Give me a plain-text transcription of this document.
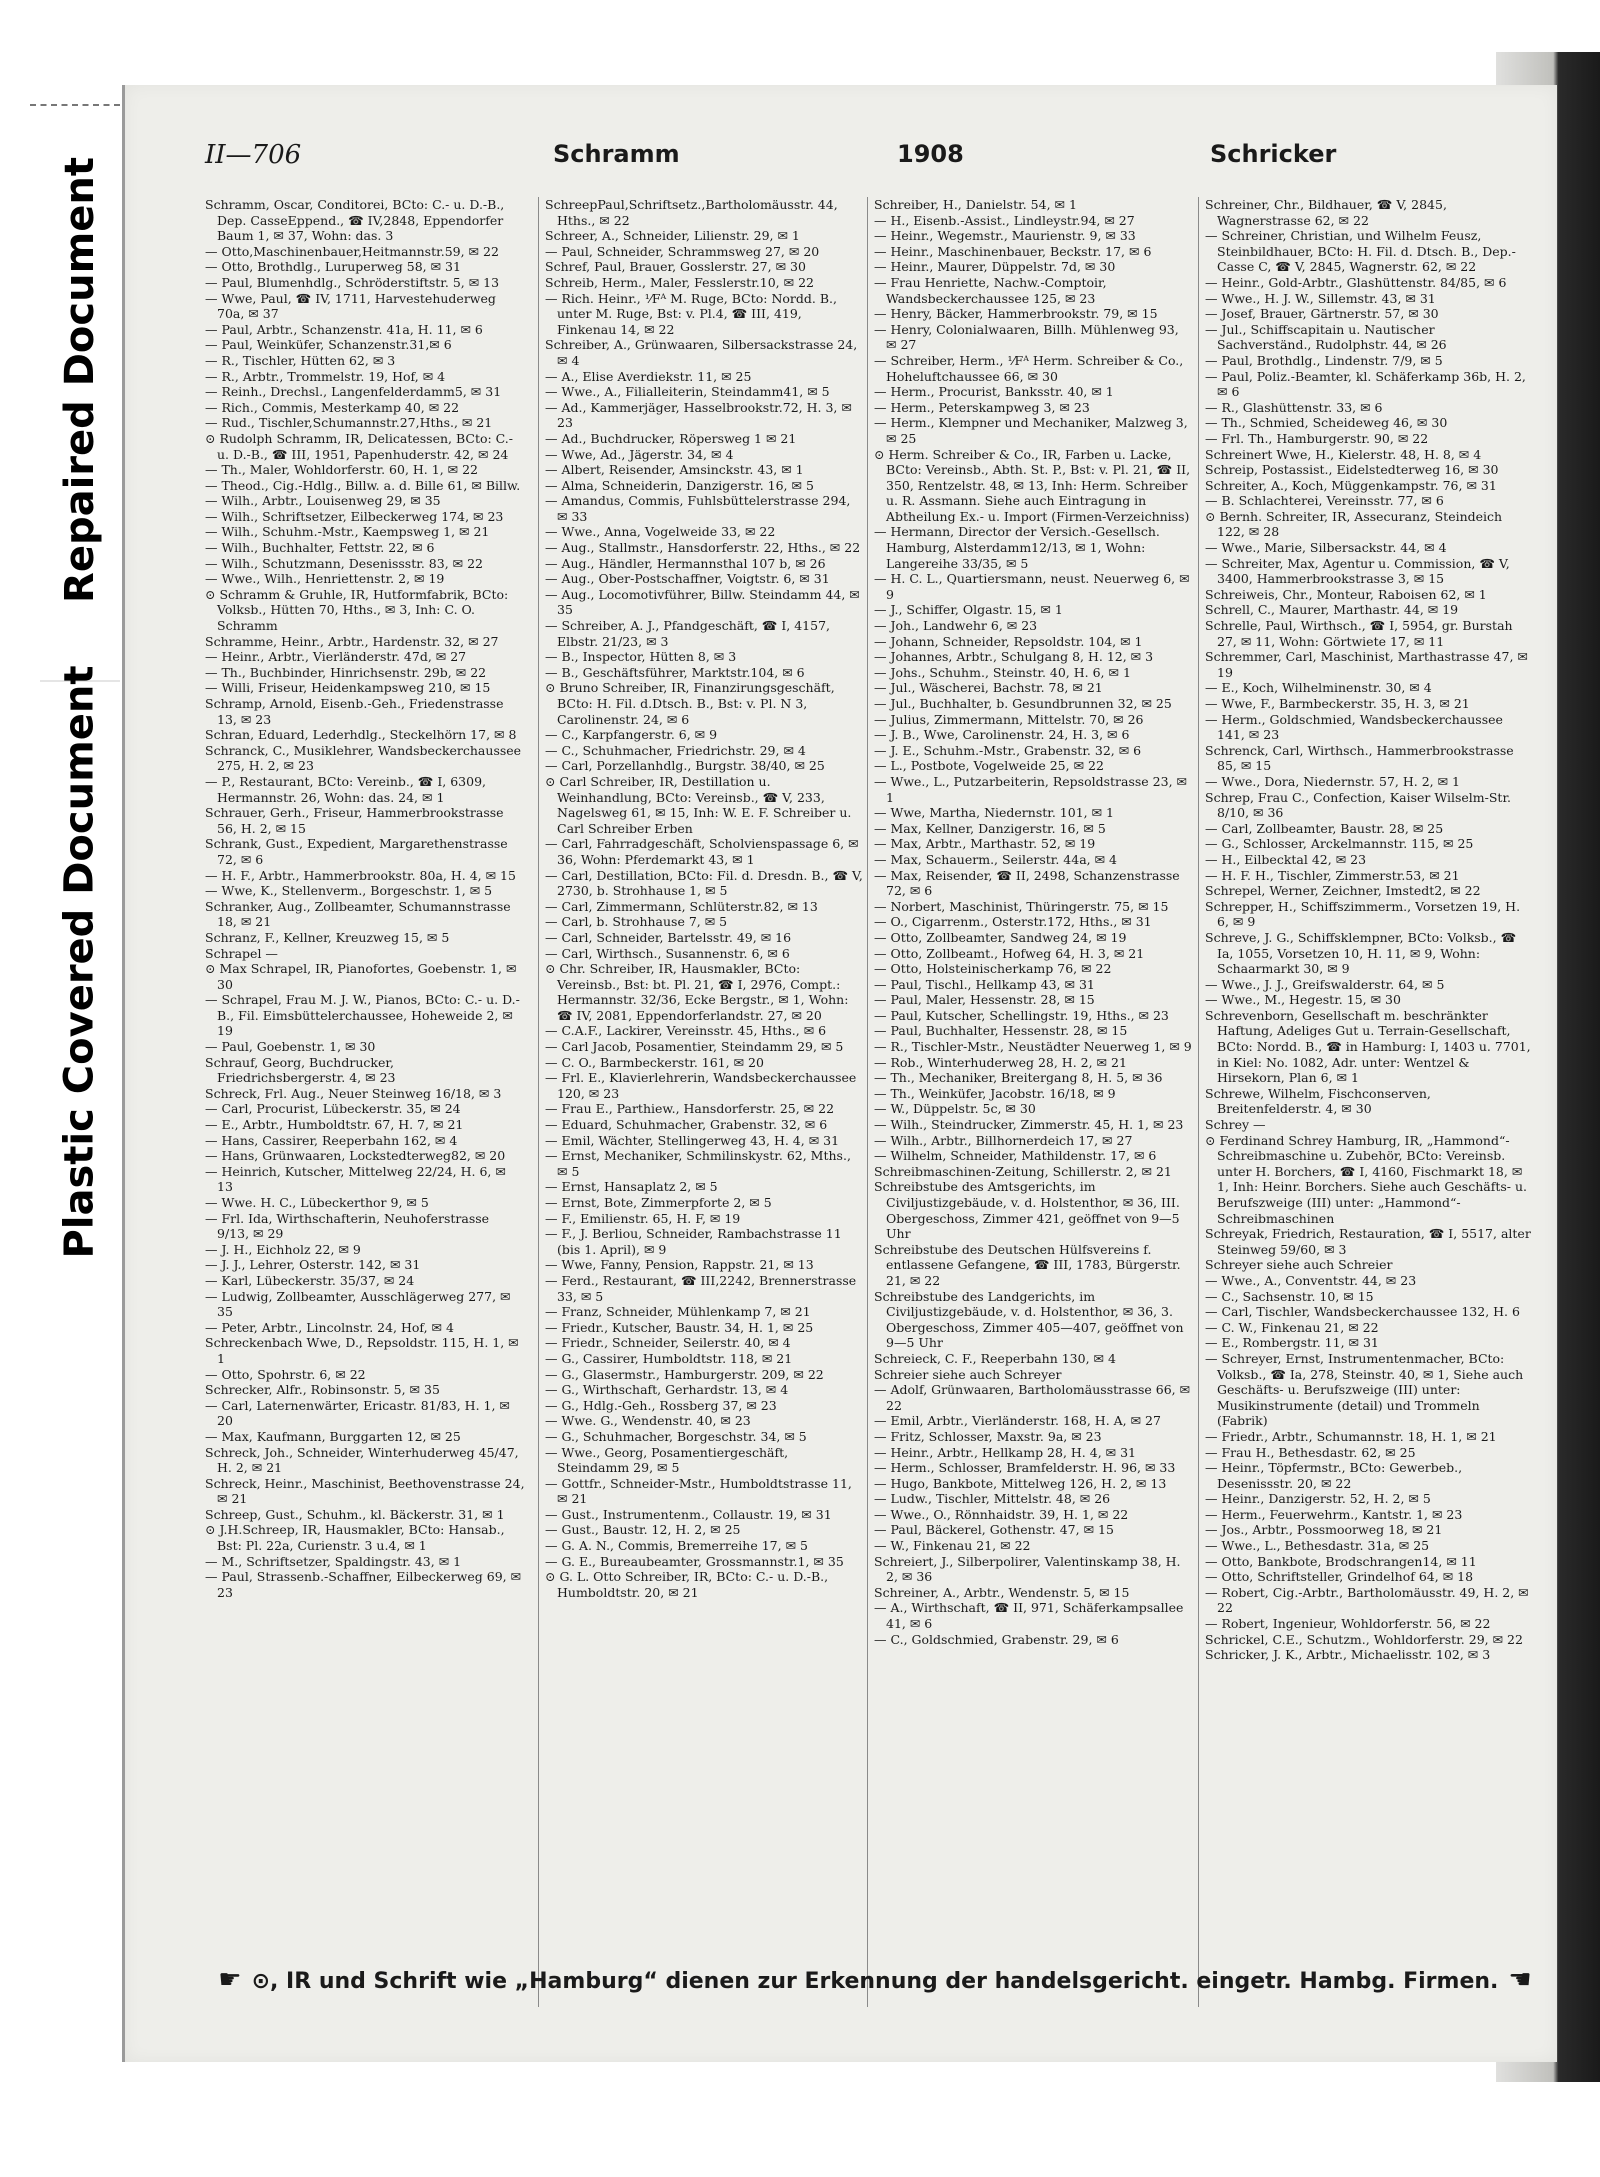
Repaired Document
Plastic Covered Document
II—706	Schramm	1908	Schricker

Schramm, Oscar, Conditorei, BCto: C.- u. D.-B., Dep. CasseEppend., ☎ IV,2848, Eppendorfer Baum 1, ✉ 37, Wohn: das. 3

— Otto,Maschinenbauer,Heitmannstr.59, ✉ 22

— Otto, Brothdlg., Luruperweg 58, ✉ 31

— Paul, Blumenhdlg., Schröderstiftstr. 5, ✉ 13

— Wwe, Paul, ☎ IV, 1711, Harvestehuderweg 70a, ✉ 37

— Paul, Arbtr., Schanzenstr. 41a, H. 11, ✉ 6

— Paul, Weinküfer, Schanzenstr.31,✉ 6

— R., Tischler, Hütten 62, ✉ 3

— R., Arbtr., Trommelstr. 19, Hof, ✉ 4

— Reinh., Drechsl., Langenfelderdamm5, ✉ 31

— Rich., Commis, Mesterkamp 40, ✉ 22

— Rud., Tischler,Schumannstr.27,Hths., ✉ 21

⊙ Rudolph Schramm, IR, Delicatessen, BCto: C.- u. D.-B., ☎ III, 1951, Papenhuderstr. 42, ✉ 24

— Th., Maler, Wohldorferstr. 60, H. 1, ✉ 22

— Theod., Cig.-Hdlg., Billw. a. d. Bille 61, ✉ Billw.

— Wilh., Arbtr., Louisenweg 29, ✉ 35

— Wilh., Schriftsetzer, Eilbeckerweg 174, ✉ 23

— Wilh., Schuhm.-Mstr., Kaempsweg 1, ✉ 21

— Wilh., Buchhalter, Fettstr. 22, ✉ 6

— Wilh., Schutzmann, Desenissstr. 83, ✉ 22

— Wwe., Wilh., Henriettenstr. 2, ✉ 19

⊙ Schramm & Gruhle, IR, Hutformfabrik, BCto: Volksb., Hütten 70, Hths., ✉ 3, Inh: C. O. Schramm

Schramme, Heinr., Arbtr., Hardenstr. 32, ✉ 27

— Heinr., Arbtr., Vierländerstr. 47d, ✉ 27

— Th., Buchbinder, Hinrichsenstr. 29b, ✉ 22

— Willi, Friseur, Heidenkampsweg 210, ✉ 15

Schramp, Arnold, Eisenb.-Geh., Friedenstrasse 13, ✉ 23

Schran, Eduard, Lederhdlg., Steckelhörn 17, ✉ 8

Schranck, C., Musiklehrer, Wandsbeckerchaussee 275, H. 2, ✉ 23

— P., Restaurant, BCto: Vereinb., ☎ I, 6309, Hermannstr. 26, Wohn: das. 24, ✉ 1

Schrauer, Gerh., Friseur, Hammerbrookstrasse 56, H. 2, ✉ 15

Schrank, Gust., Expedient, Margarethenstrasse 72, ✉ 6

— H. F., Arbtr., Hammerbrookstr. 80a, H. 4, ✉ 15

— Wwe, K., Stellenverm., Borgeschstr. 1, ✉ 5

Schranker, Aug., Zollbeamter, Schumannstrasse 18, ✉ 21

Schranz, F., Kellner, Kreuzweg 15, ✉ 5

Schrapel —

⊙ Max Schrapel, IR, Pianofortes, Goebenstr. 1, ✉ 30

— Schrapel, Frau M. J. W., Pianos, BCto: C.- u. D.-B., Fil. Eimsbüttelerchaussee, Hoheweide 2, ✉ 19

— Paul, Goebenstr. 1, ✉ 30

Schrauf, Georg, Buchdrucker, Friedrichsbergerstr. 4, ✉ 23

Schreck, Frl. Aug., Neuer Steinweg 16/18, ✉ 3

— Carl, Procurist, Lübeckerstr. 35, ✉ 24

— E., Arbtr., Humboldtstr. 67, H. 7, ✉ 21

— Hans, Cassirer, Reeperbahn 162, ✉ 4

— Hans, Grünwaaren, Lockstedterweg82, ✉ 20

— Heinrich, Kutscher, Mittelweg 22/24, H. 6, ✉ 13

— Wwe. H. C., Lübeckerthor 9, ✉ 5

— Frl. Ida, Wirthschafterin, Neuhoferstrasse 9/13, ✉ 29

— J. H., Eichholz 22, ✉ 9

— J. J., Lehrer, Osterstr. 142, ✉ 31

— Karl, Lübeckerstr. 35/37, ✉ 24

— Ludwig, Zollbeamter, Ausschlägerweg 277, ✉ 35

— Peter, Arbtr., Lincolnstr. 24, Hof, ✉ 4

Schreckenbach Wwe, D., Repsoldstr. 115, H. 1, ✉ 1

— Otto, Spohrstr. 6, ✉ 22

Schrecker, Alfr., Robinsonstr. 5, ✉ 35

— Carl, Laternenwärter, Ericastr. 81/83, H. 1, ✉ 20

— Max, Kaufmann, Burggarten 12, ✉ 25

Schreck, Joh., Schneider, Winterhuderweg 45/47, H. 2, ✉ 21

Schreck, Heinr., Maschinist, Beethovenstrasse 24, ✉ 21

Schreep, Gust., Schuhm., kl. Bäckerstr. 31, ✉ 1

⊙ J.H.Schreep, IR, Hausmakler, BCto: Hansab., Bst: Pl. 22a, Curienstr. 3 u.4, ✉ 1

— M., Schriftsetzer, Spaldingstr. 43, ✉ 1

— Paul, Strassenb.-Schaffner, Eilbeckerweg 69, ✉ 23

SchreepPaul,Schriftsetz.,Bartholomäusstr. 44, Hths., ✉ 22

Schreer, A., Schneider, Lilienstr. 29, ✉ 1

— Paul, Schneider, Schrammsweg 27, ✉ 20

Schref, Paul, Brauer, Gosslerstr. 27, ✉ 30

Schreib, Herm., Maler, Fesslerstr.10, ✉ 22

— Rich. Heinr., ⅟Fᴬ M. Ruge, BCto: Nordd. B., unter M. Ruge, Bst: v. Pl.4, ☎ III, 419, Finkenau 14, ✉ 22

Schreiber, A., Grünwaaren, Silbersackstrasse 24, ✉ 4

— A., Elise Averdiekstr. 11, ✉ 25

— Wwe., A., Filialleiterin, Steindamm41, ✉ 5

— Ad., Kammerjäger, Hasselbrookstr.72, H. 3, ✉ 23

— Ad., Buchdrucker, Röpersweg 1 ✉ 21

— Wwe, Ad., Jägerstr. 34, ✉ 4

— Albert, Reisender, Amsinckstr. 43, ✉ 1

— Alma, Schneiderin, Danzigerstr. 16, ✉ 5

— Amandus, Commis, Fuhlsbüttelerstrasse 294, ✉ 33

— Wwe., Anna, Vogelweide 33, ✉ 22

— Aug., Stallmstr., Hansdorferstr. 22, Hths., ✉ 22

— Aug., Händler, Hermannsthal 107 b, ✉ 26

— Aug., Ober-Postschaffner, Voigtstr. 6, ✉ 31

— Aug., Locomotivführer, Billw. Steindamm 44, ✉ 35

— Schreiber, A. J., Pfandgeschäft, ☎ I, 4157, Elbstr. 21/23, ✉ 3

— B., Inspector, Hütten 8, ✉ 3

— B., Geschäftsführer, Marktstr.104, ✉ 6

⊙ Bruno Schreiber, IR, Finanzirungsgeschäft, BCto: H. Fil. d.Dtsch. B., Bst: v. Pl. N 3, Carolinenstr. 24, ✉ 6

— C., Karpfangerstr. 6, ✉ 9

— C., Schuhmacher, Friedrichstr. 29, ✉ 4

— Carl, Porzellanhdlg., Burgstr. 38/40, ✉ 25

⊙ Carl Schreiber, IR, Destillation u. Weinhandlung, BCto: Vereinsb., ☎ V, 233, Nagelsweg 61, ✉ 15, Inh: W. E. F. Schreiber u. Carl Schreiber Erben

— Carl, Fahrradgeschäft, Scholvienspassage 6, ✉ 36, Wohn: Pferdemarkt 43, ✉ 1

— Carl, Destillation, BCto: Fil. d. Dresdn. B., ☎ V, 2730, b. Strohhause 1, ✉ 5

— Carl, Zimmermann, Schlüterstr.82, ✉ 13

— Carl, b. Strohhause 7, ✉ 5

— Carl, Schneider, Bartelsstr. 49, ✉ 16

— Carl, Wirthsch., Susannenstr. 6, ✉ 6

⊙ Chr. Schreiber, IR, Hausmakler, BCto: Vereinsb., Bst: bt. Pl. 21, ☎ I, 2976, Compt.: Hermannstr. 32/36, Ecke Bergstr., ✉ 1, Wohn: ☎ IV, 2081, Eppendorferlandstr. 27, ✉ 20

— C.A.F., Lackirer, Vereinsstr. 45, Hths., ✉ 6

— Carl Jacob, Posamentier, Steindamm 29, ✉ 5

— C. O., Barmbeckerstr. 161, ✉ 20

— Frl. E., Klavierlehrerin, Wandsbeckerchaussee 120, ✉ 23

— Frau E., Parthiew., Hansdorferstr. 25, ✉ 22

— Eduard, Schuhmacher, Grabenstr. 32, ✉ 6

— Emil, Wächter, Stellingerweg 43, H. 4, ✉ 31

— Ernst, Mechaniker, Schmilinskystr. 62, Mths., ✉ 5

— Ernst, Hansaplatz 2, ✉ 5

— Ernst, Bote, Zimmerpforte 2, ✉ 5

— F., Emilienstr. 65, H. F, ✉ 19

— F., J. Berliou, Schneider, Rambachstrasse 11 (bis 1. April), ✉ 9

— Wwe, Fanny, Pension, Rappstr. 21, ✉ 13

— Ferd., Restaurant, ☎ III,2242, Brennerstrasse 33, ✉ 5

— Franz, Schneider, Mühlenkamp 7, ✉ 21

— Friedr., Kutscher, Baustr. 34, H. 1, ✉ 25

— Friedr., Schneider, Seilerstr. 40, ✉ 4

— G., Cassirer, Humboldtstr. 118, ✉ 21

— G., Glasermstr., Hamburgerstr. 209, ✉ 22

— G., Wirthschaft, Gerhardstr. 13, ✉ 4

— G., Hdlg.-Geh., Rossberg 37, ✉ 23

— Wwe. G., Wendenstr. 40, ✉ 23

— G., Schuhmacher, Borgeschstr. 34, ✉ 5

— Wwe., Georg, Posamentiergeschäft, Steindamm 29, ✉ 5

— Gottfr., Schneider-Mstr., Humboldtstrasse 11, ✉ 21

— Gust., Instrumentenm., Collaustr. 19, ✉ 31

— Gust., Baustr. 12, H. 2, ✉ 25

— G. A. N., Commis, Bremerreihe 17, ✉ 5

— G. E., Bureaubeamter, Grossmannstr.1, ✉ 35

⊙ G. L. Otto Schreiber, IR, BCto: C.- u. D.-B., Humboldtstr. 20, ✉ 21

Schreiber, H., Danielstr. 54, ✉ 1

— H., Eisenb.-Assist., Lindleystr.94, ✉ 27

— Heinr., Wegemstr., Maurienstr. 9, ✉ 33

— Heinr., Maschinenbauer, Beckstr. 17, ✉ 6

— Heinr., Maurer, Düppelstr. 7d, ✉ 30

— Frau Henriette, Nachw.-Comptoir, Wandsbeckerchaussee 125, ✉ 23

— Henry, Bäcker, Hammerbrookstr. 79, ✉ 15

— Henry, Colonialwaaren, Billh. Mühlenweg 93, ✉ 27

— Schreiber, Herm., ⅟Fᴬ Herm. Schreiber & Co., Hoheluftchaussee 66, ✉ 30

— Herm., Procurist, Banksstr. 40, ✉ 1

— Herm., Peterskampweg 3, ✉ 23

— Herm., Klempner und Mechaniker, Malzweg 3, ✉ 25

⊙ Herm. Schreiber & Co., IR, Farben u. Lacke, BCto: Vereinsb., Abth. St. P., Bst: v. Pl. 21, ☎ II, 350, Rentzelstr. 48, ✉ 13, Inh: Herm. Schreiber u. R. Assmann. Siehe auch Eintragung in Abtheilung Ex.- u. Import (Firmen-Verzeichniss)

— Hermann, Director der Versich.-Gesellsch. Hamburg, Alsterdamm12/13, ✉ 1, Wohn: Langereihe 33/35, ✉ 5

— H. C. L., Quartiersmann, neust. Neuerweg 6, ✉ 9

— J., Schiffer, Olgastr. 15, ✉ 1

— Joh., Landwehr 6, ✉ 23

— Johann, Schneider, Repsoldstr. 104, ✉ 1

— Johannes, Arbtr., Schulgang 8, H. 12, ✉ 3

— Johs., Schuhm., Steinstr. 40, H. 6, ✉ 1

— Jul., Wäscherei, Bachstr. 78, ✉ 21

— Jul., Buchhalter, b. Gesundbrunnen 32, ✉ 25

— Julius, Zimmermann, Mittelstr. 70, ✉ 26

— J. B., Wwe, Carolinenstr. 24, H. 3, ✉ 6

— J. E., Schuhm.-Mstr., Grabenstr. 32, ✉ 6

— L., Postbote, Vogelweide 25, ✉ 22

— Wwe., L., Putzarbeiterin, Repsoldstrasse 23, ✉ 1

— Wwe, Martha, Niedernstr. 101, ✉ 1

— Max, Kellner, Danzigerstr. 16, ✉ 5

— Max, Arbtr., Marthastr. 52, ✉ 19

— Max, Schauerm., Seilerstr. 44a, ✉ 4

— Max, Reisender, ☎ II, 2498, Schanzenstrasse 72, ✉ 6

— Norbert, Maschinist, Thüringerstr. 75, ✉ 15

— O., Cigarrenm., Osterstr.172, Hths., ✉ 31

— Otto, Zollbeamter, Sandweg 24, ✉ 19

— Otto, Zollbeamt., Hofweg 64, H. 3, ✉ 21

— Otto, Holsteinischerkamp 76, ✉ 22

— Paul, Tischl., Hellkamp 43, ✉ 31

— Paul, Maler, Hessenstr. 28, ✉ 15

— Paul, Kutscher, Schellingstr. 19, Hths., ✉ 23

— Paul, Buchhalter, Hessenstr. 28, ✉ 15

— R., Tischler-Mstr., Neustädter Neuerweg 1, ✉ 9

— Rob., Winterhuderweg 28, H. 2, ✉ 21

— Th., Mechaniker, Breitergang 8, H. 5, ✉ 36

— Th., Weinküfer, Jacobstr. 16/18, ✉ 9

— W., Düppelstr. 5c, ✉ 30

— Wilh., Steindrucker, Zimmerstr. 45, H. 1, ✉ 23

— Wilh., Arbtr., Billhornerdeich 17, ✉ 27

— Wilhelm, Schneider, Mathildenstr. 17, ✉ 6

Schreibmaschinen-Zeitung, Schillerstr. 2, ✉ 21

Schreibstube des Amtsgerichts, im Civiljustizgebäude, v. d. Holstenthor, ✉ 36, III. Obergeschoss, Zimmer 421, geöffnet von 9—5 Uhr

Schreibstube des Deutschen Hülfsvereins f. entlassene Gefangene, ☎ III, 1783, Bürgerstr. 21, ✉ 22

Schreibstube des Landgerichts, im Civiljustizgebäude, v. d. Holstenthor, ✉ 36, 3. Obergeschoss, Zimmer 405—407, geöffnet von 9—5 Uhr

Schreieck, C. F., Reeperbahn 130, ✉ 4

Schreier siehe auch Schreyer

— Adolf, Grünwaaren, Bartholomäusstrasse 66, ✉ 22

— Emil, Arbtr., Vierländerstr. 168, H. A, ✉ 27

— Fritz, Schlosser, Maxstr. 9a, ✉ 23

— Heinr., Arbtr., Hellkamp 28, H. 4, ✉ 31

— Herm., Schlosser, Bramfelderstr. H. 96, ✉ 33

— Hugo, Bankbote, Mittelweg 126, H. 2, ✉ 13

— Ludw., Tischler, Mittelstr. 48, ✉ 26

— Wwe., O., Rönnhaidstr. 39, H. 1, ✉ 22

— Paul, Bäckerel, Gothenstr. 47, ✉ 15

— W., Finkenau 21, ✉ 22

Schreiert, J., Silberpolirer, Valentinskamp 38, H. 2, ✉ 36

Schreiner, A., Arbtr., Wendenstr. 5, ✉ 15

— A., Wirthschaft, ☎ II, 971, Schäferkampsallee 41, ✉ 6

— C., Goldschmied, Grabenstr. 29, ✉ 6

Schreiner, Chr., Bildhauer, ☎ V, 2845, Wagnerstrasse 62, ✉ 22

— Schreiner, Christian, und Wilhelm Feusz, Steinbildhauer, BCto: H. Fil. d. Dtsch. B., Dep.-Casse C, ☎ V, 2845, Wagnerstr. 62, ✉ 22

— Heinr., Gold-Arbtr., Glashüttenstr. 84/85, ✉ 6

— Wwe., H. J. W., Sillemstr. 43, ✉ 31

— Josef, Brauer, Gärtnerstr. 57, ✉ 30

— Jul., Schiffscapitain u. Nautischer Sachverständ., Rudolphstr. 44, ✉ 26

— Paul, Brothdlg., Lindenstr. 7/9, ✉ 5

— Paul, Poliz.-Beamter, kl. Schäferkamp 36b, H. 2, ✉ 6

— R., Glashüttenstr. 33, ✉ 6

— Th., Schmied, Scheideweg 46, ✉ 30

— Frl. Th., Hamburgerstr. 90, ✉ 22

Schreinert Wwe, H., Kielerstr. 48, H. 8, ✉ 4

Schreip, Postassist., Eidelstedterweg 16, ✉ 30

Schreiter, A., Koch, Müggenkampstr. 76, ✉ 31

— B. Schlachterei, Vereinsstr. 77, ✉ 6

⊙ Bernh. Schreiter, IR, Assecuranz, Steindeich 122, ✉ 28

— Wwe., Marie, Silbersackstr. 44, ✉ 4

— Schreiter, Max, Agentur u. Commission, ☎ V, 3400, Hammerbrookstrasse 3, ✉ 15

Schreiweis, Chr., Monteur, Raboisen 62, ✉ 1

Schrell, C., Maurer, Marthastr. 44, ✉ 19

Schrelle, Paul, Wirthsch., ☎ I, 5954, gr. Burstah 27, ✉ 11, Wohn: Görtwiete 17, ✉ 11

Schremmer, Carl, Maschinist, Marthastrasse 47, ✉ 19

— E., Koch, Wilhelminenstr. 30, ✉ 4

— Wwe, F., Barmbeckerstr. 35, H. 3, ✉ 21

— Herm., Goldschmied, Wandsbeckerchaussee 141, ✉ 23

Schrenck, Carl, Wirthsch., Hammerbrookstrasse 85, ✉ 15

— Wwe., Dora, Niedernstr. 57, H. 2, ✉ 1

Schrep, Frau C., Confection, Kaiser Wilselm-Str. 8/10, ✉ 36

— Carl, Zollbeamter, Baustr. 28, ✉ 25

— G., Schlosser, Arckelmannstr. 115, ✉ 25

— H., Eilbecktal 42, ✉ 23

— H. F. H., Tischler, Zimmerstr.53, ✉ 21

Schrepel, Werner, Zeichner, Imstedt2, ✉ 22

Schrepper, H., Schiffszimmerm., Vorsetzen 19, H. 6, ✉ 9

Schreve, J. G., Schiffsklempner, BCto: Volksb., ☎ Ia, 1055, Vorsetzen 10, H. 11, ✉ 9, Wohn: Schaarmarkt 30, ✉ 9

— Wwe., J. J., Greifswalderstr. 64, ✉ 5

— Wwe., M., Hegestr. 15, ✉ 30

Schrevenborn, Gesellschaft m. beschränkter Haftung, Adeliges Gut u. Terrain-Gesellschaft, BCto: Nordd. B., ☎ in Hamburg: I, 1403 u. 7701, in Kiel: No. 1082, Adr. unter: Wentzel & Hirsekorn, Plan 6, ✉ 1

Schrewe, Wilhelm, Fischconserven, Breitenfelderstr. 4, ✉ 30

Schrey —

⊙ Ferdinand Schrey Hamburg, IR, „Hammond“-Schreibmaschine u. Zubehör, BCto: Vereinsb. unter H. Borchers, ☎ I, 4160, Fischmarkt 18, ✉ 1, Inh: Heinr. Borchers. Siehe auch Geschäfts- u. Berufszweige (III) unter: „Hammond“-Schreibmaschinen

Schreyak, Friedrich, Restauration, ☎ I, 5517, alter Steinweg 59/60, ✉ 3

Schreyer siehe auch Schreier

— Wwe., A., Conventstr. 44, ✉ 23

— C., Sachsenstr. 10, ✉ 15

— Carl, Tischler, Wandsbeckerchaussee 132, H. 6

— C. W., Finkenau 21, ✉ 22

— E., Rombergstr. 11, ✉ 31

— Schreyer, Ernst, Instrumentenmacher, BCto: Volksb., ☎ Ia, 278, Steinstr. 40, ✉ 1, Siehe auch Geschäfts- u. Berufszweige (III) unter: Musikinstrumente (detail) und Trommeln (Fabrik)

— Friedr., Arbtr., Schumannstr. 18, H. 1, ✉ 21

— Frau H., Bethesdastr. 62, ✉ 25

— Heinr., Töpfermstr., BCto: Gewerbeb., Desenissstr. 20, ✉ 22

— Heinr., Danzigerstr. 52, H. 2, ✉ 5

— Herm., Feuerwehrm., Kantstr. 1, ✉ 23

— Jos., Arbtr., Possmoorweg 18, ✉ 21

— Wwe., L., Bethesdastr. 31a, ✉ 25

— Otto, Bankbote, Brodschrangen14, ✉ 11

— Otto, Schriftsteller, Grindelhof 64, ✉ 18

— Robert, Cig.-Arbtr., Bartholomäusstr. 49, H. 2, ✉ 22

— Robert, Ingenieur, Wohldorferstr. 56, ✉ 22

Schrickel, C.E., Schutzm., Wohldorferstr. 29, ✉ 22

Schricker, J. K., Arbtr., Michaelisstr. 102, ✉ 3

☛ ⊙, IR und Schrift wie „Hamburg“ dienen zur Erkennung der handelsgericht. eingetr. Hambg. Firmen. ☚
